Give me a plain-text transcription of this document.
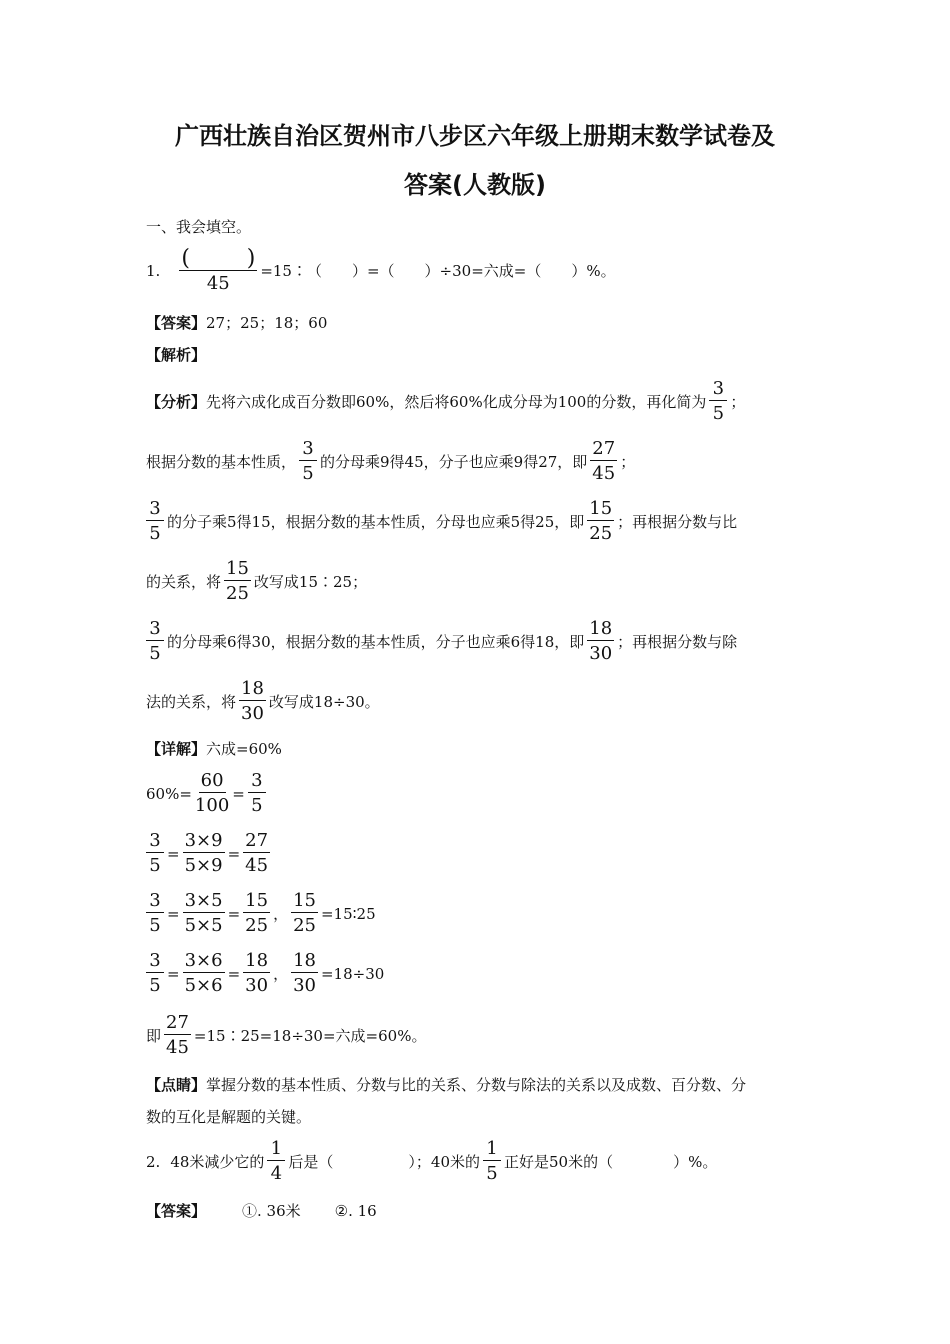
广西壮族自治区贺州市八步区六年级上册期末数学试卷及
答案(人教版)
一、我会填空。
1. (	)
45 =15∶（　　）=（　　）÷30=六成=（　　）%。
【答案】 27；25；18；60
【解析】
【分析】 先将六成化成百分数即60%，然后将60%化成分母为100的分数，再化简为 $\frac{3}{5}$ ；
根据分数的基本性质， $\frac{3}{5}$ 的分母乘9得45，分子也应乘9得27，即 $\frac{27}{45}$ ；
$\frac{3}{5}$ 的分子乘5得15，根据分数的基本性质，分母也应乘5得25，即 $\frac{15}{25}$ ；再根据分数与比
的关系，将 $\frac{15}{25}$ 改写成15∶25；
$\frac{3}{5}$ 的分母乘6得30，根据分数的基本性质，分子也应乘6得18，即 $\frac{18}{30}$ ；再根据分数与除
法的关系，将 $\frac{18}{30}$ 改写成18÷30。
【详解】 六成=60%
$60\%= \frac{60}{100} = \frac{3}{5}$
$\frac{3}{5} = \frac{3\times 9}{5\times 9} = \frac{27}{45}$
$\frac{3}{5} = \frac{3\times 5}{5\times 5} = \frac{15}{25}$ ， $\frac{15}{25}$ =15∶25
$\frac{3}{5} = \frac{3\times 6}{5\times 6} = \frac{18}{30}$ ， $\frac{18}{30} =18\div 30$
即 $\frac{27}{45}$ =15∶25=18÷30=六成=60%。
【点睛】 掌握分数的基本性质、分数与比的关系、分数与除法的关系以及成数、百分数、分
数的互化是解题的关键。
2. 48米减少它的 $\frac{1}{4}$ 后是（　　　　　）；40米的 $\frac{1}{5}$ 正好是50米的（　　　　）%。
【答案】 ①. 36米 ②. 16
